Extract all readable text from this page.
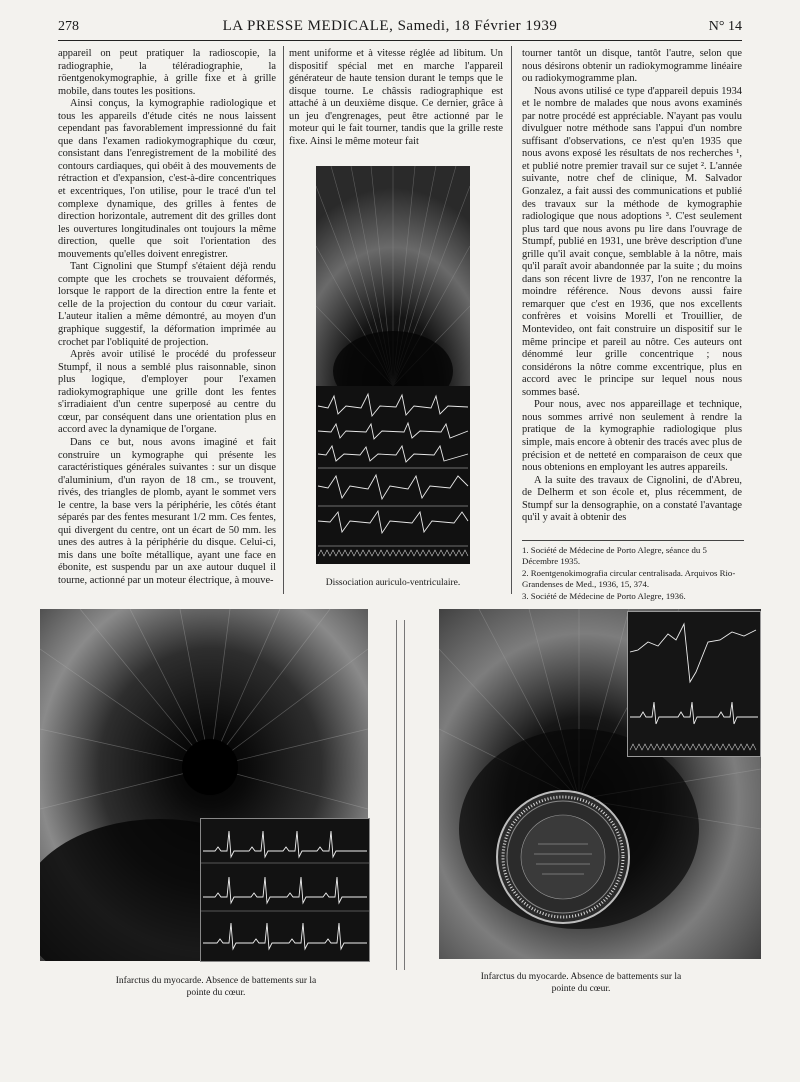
278	LA PRESSE MEDICALE, Samedi, 18 Février 1939	N° 14

appareil on peut pratiquer la radioscopie, la radiographie, la téléradiographie, la röentgenokymographie, à grille fixe et à grille mobile, dans toutes les positions.

Ainsi conçus, la kymographie radiologique et tous les appareils d'étude cités ne nous laissent cependant pas favorablement impressionné du fait que dans l'examen radiokymographique du cœur, consistant dans l'enregistrement de la mobilité des contours cardiaques, qui obéit à des mouvements de rétraction et d'expansion, c'est-à-dire concentriques et excentriques, l'on utilise, pour le tracé d'un tel complexe dynamique, des grilles à fentes de direction horizontale, autrement dit des grilles dont les ouvertures longitudinales ont toujours la même direction, quelle que soit l'orientation des mouvements qu'elles doivent enregistrer.

Tant Cignolini que Stumpf s'étaient déjà rendu compte que les crochets se trouvaient déformés, lorsque le rapport de la direction entre la fente et celle de la projection du contour du cœur variait. L'auteur italien a même démontré, au moyen d'un graphique suggestif, la déformation imprimée au crochet par l'obliquité de projection.

Après avoir utilisé le procédé du professeur Stumpf, il nous a semblé plus raisonnable, sinon plus logique, d'employer pour l'examen radiokymographique une grille dont les fentes s'irradiaient d'un centre superposé au centre du cœur, par conséquent dans une orientation plus en accord avec la dynamique de l'organe.

Dans ce but, nous avons imaginé et fait construire un kymographe qui présente les caractéristiques générales suivantes : sur un disque d'aluminium, d'un rayon de 18 cm., se trouvent, rivés, des triangles de plomb, ayant le sommet vers le centre, la base vers la périphérie, les côtés étant séparés par des fentes mesurant 1/2 mm. Ces fentes, qui divergent du centre, ont un écart de 50 mm. les unes des autres à la périphérie du disque. Celui-ci, mis dans une boîte métallique, ayant une face en ébonite, est suspendu par un axe autour duquel il tourne, actionné par un moteur électrique, à mouve-

ment uniforme et à vitesse réglée ad libitum. Un dispositif spécial met en marche l'appareil générateur de haute tension durant le temps que le disque tourne. Le châssis radiographique est attaché à un deuxième disque. Ce dernier, grâce à un jeu d'engrenages, peut être actionné par le moteur qui le fait tourner, tandis que la grille reste fixe. Ainsi le même moteur fait

Dissociation auriculo-ventriculaire.

tourner tantôt un disque, tantôt l'autre, selon que nous désirons obtenir un radiokymogramme linéaire ou radiokymogramme plan.

Nous avons utilisé ce type d'appareil depuis 1934 et le nombre de malades que nous avons examinés par notre procédé est appréciable. N'ayant pas voulu divulguer notre méthode sans l'appui d'un nombre suffisant d'observations, ce n'est qu'en 1935 que nous avons exposé les résultats de nos recherches ¹, et publié notre premier travail sur ce sujet ². L'année suivante, notre chef de clinique, M. Salvador Gonzalez, a fait aussi des communications et publié des travaux sur la méthode de kymographie radiologique que nous adoptions ³. C'est seulement plus tard que nous avons pu lire dans l'ouvrage de Stumpf, publié en 1931, une brève description d'une grille qu'il avait conçue, semblable à la nôtre, mais qu'il paraît avoir abandonnée par la suite ; du moins dans son récent livre de 1937, l'on ne rencontre la moindre référence. Nous devons aussi faire remarquer que c'est en 1936, que nos excellents confrères et voisins Morelli et Trouillier, de Montevideo, ont fait construire un dispositif sur le même principe et pareil au nôtre. Ces auteurs ont dénommé leur grille concentrique ; nous considérons la nôtre comme excentrique, plus en accord avec le principe sur lequel nous nous sommes basé.

Pour nous, avec nos appareillage et technique, nous sommes arrivé non seulement à rendre la pratique de la kymographie radiologique plus simple, mais encore à obtenir des tracés avec plus de précision et de netteté en comparaison de ceux que nous obtenions en employant les autres appareils.

A la suite des travaux de Cignolini, de d'Abreu, de Delherm et son école et, plus récemment, de Stumpf sur la densographie, on a constaté l'avantage qu'il y avait à obtenir des

1. Société de Médecine de Porto Alegre, séance du 5 Décembre 1935.
2. Roentgenokimografia circular centralisada. Arquivos Rio-Grandenses de Med., 1936, 15, 374.
3. Société de Médecine de Porto Alegre, 1936.
Infarctus du myocarde. Absence de battements sur la pointe du cœur.
Infarctus du myocarde. Absence de battements sur la pointe du cœur.
